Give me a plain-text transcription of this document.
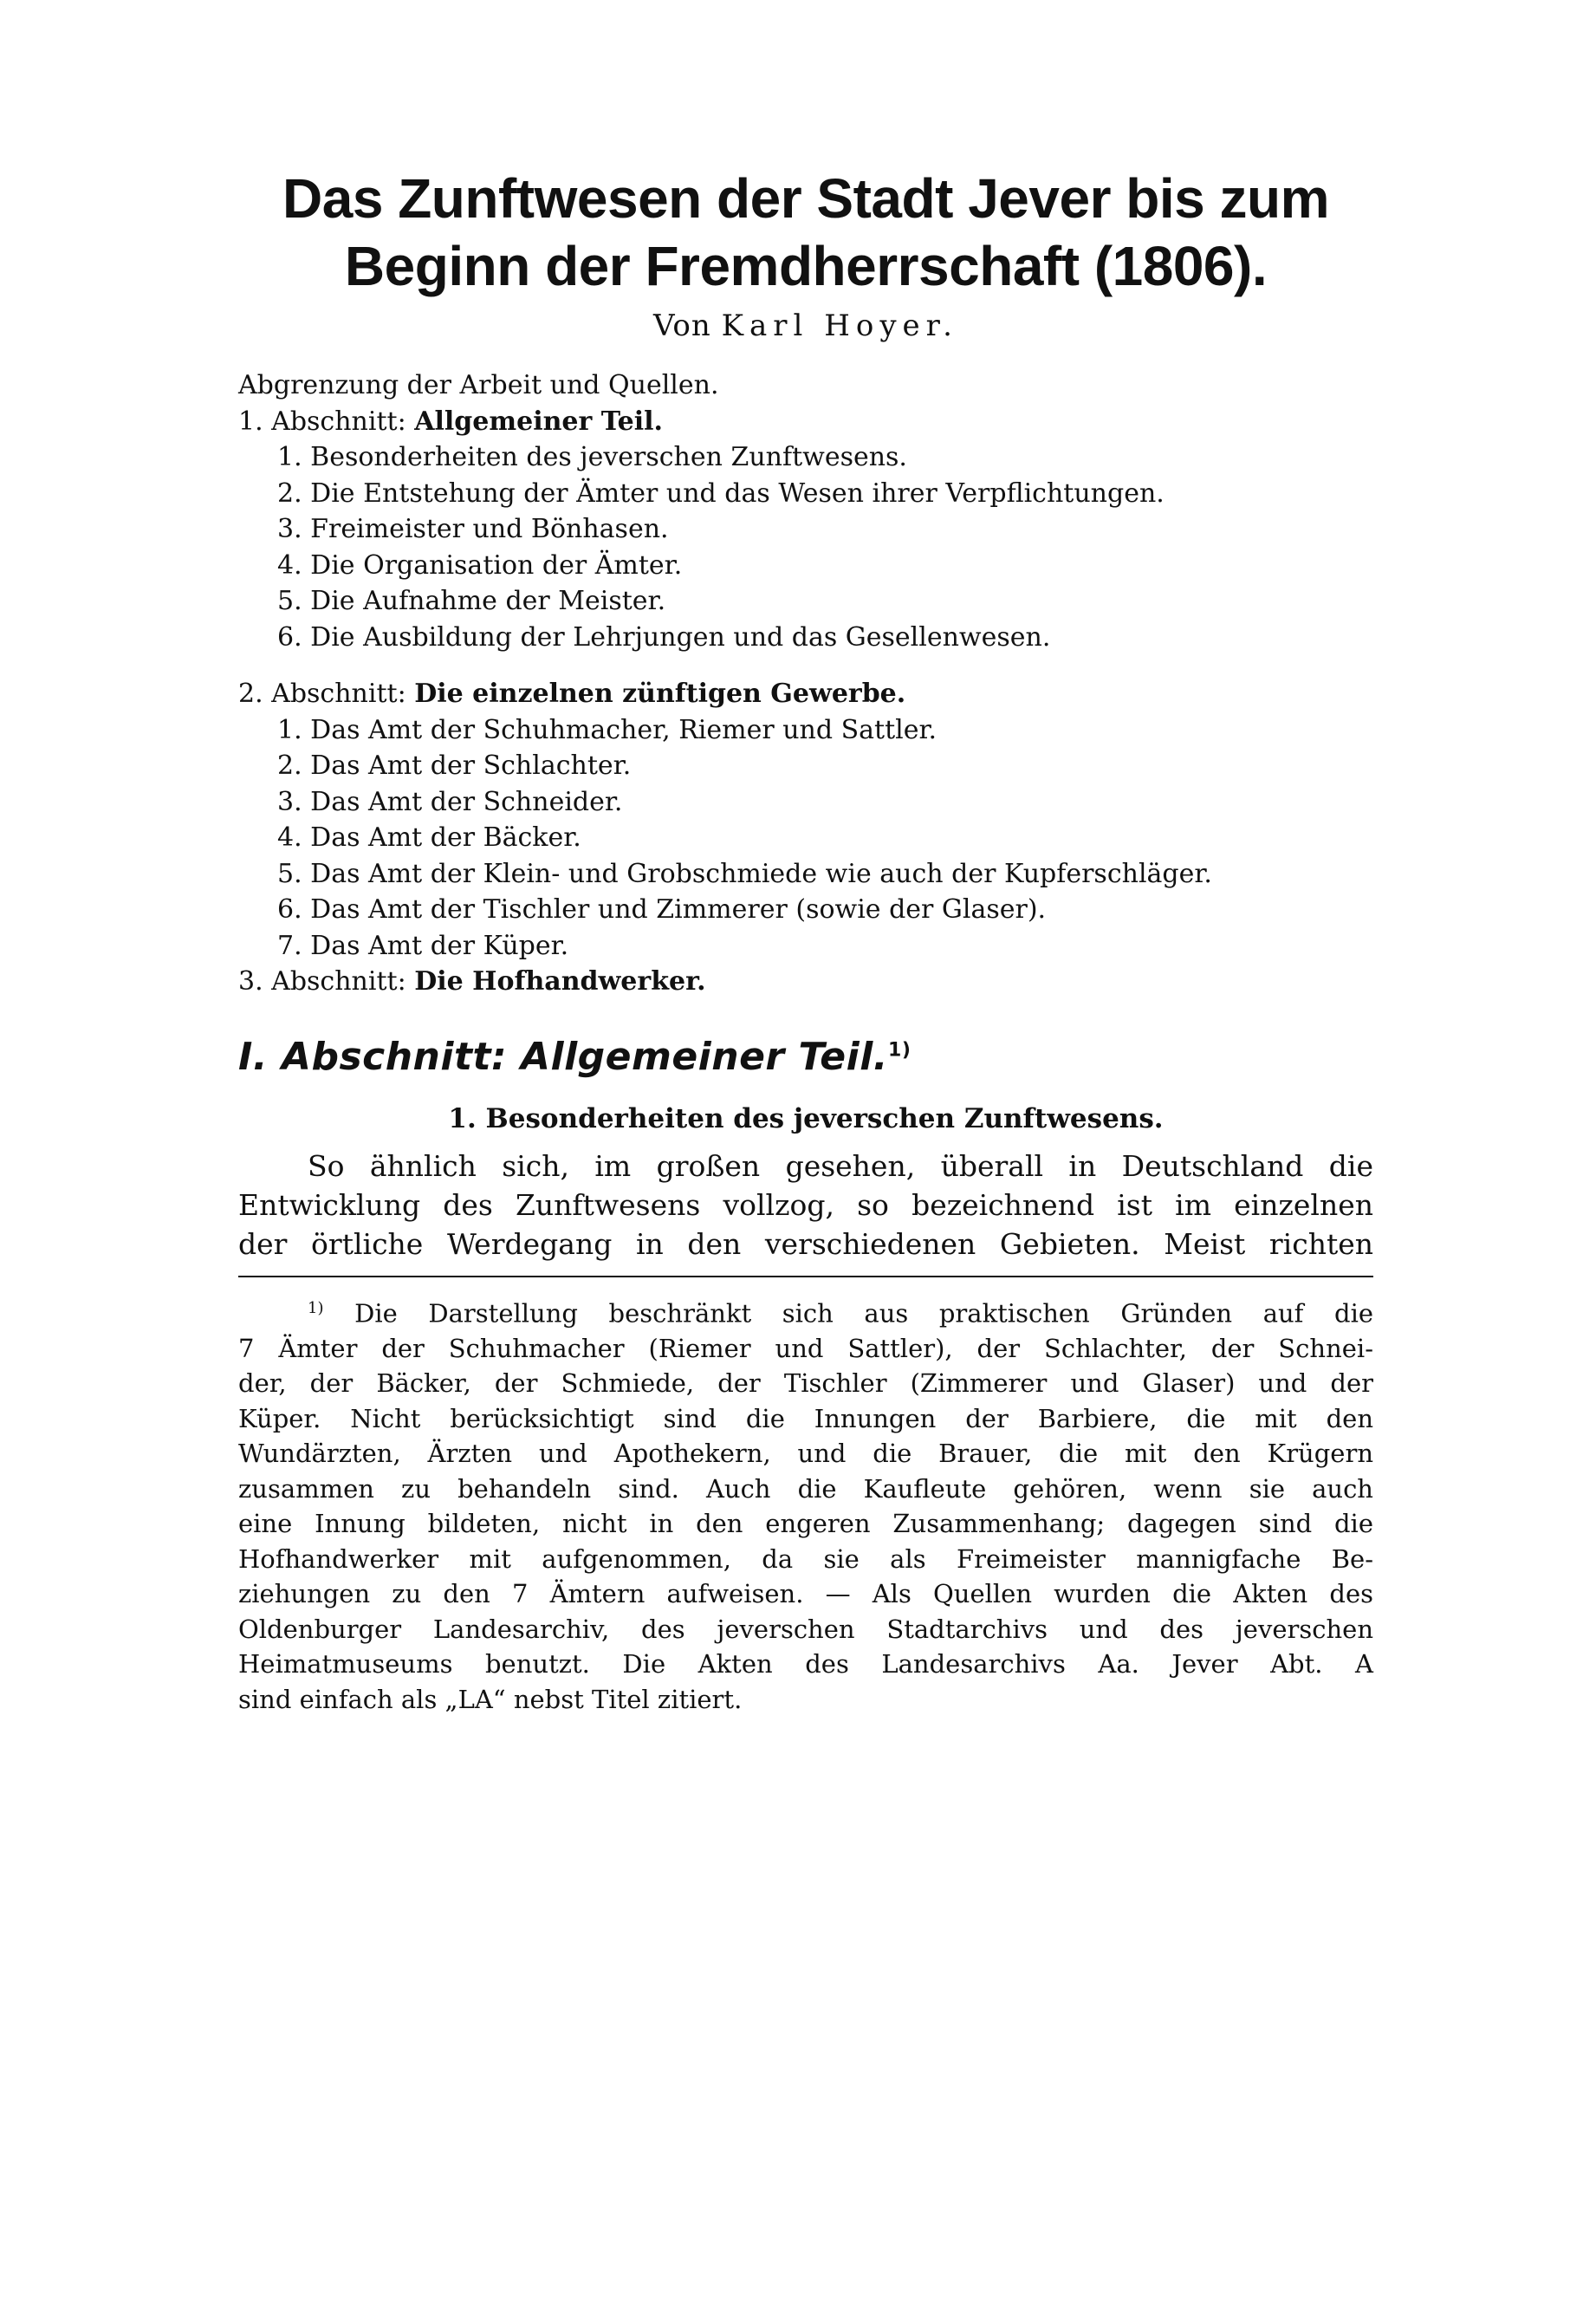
Das Zunftwesen der Stadt Jever bis zum
Beginn der Fremdherrschaft (1806).
Von Karl Hoyer.
Abgrenzung der Arbeit und Quellen.
1. Abschnitt: Allgemeiner Teil.
1. Besonderheiten des jeverschen Zunftwesens.
2. Die Entstehung der Ämter und das Wesen ihrer Verpflichtungen.
3. Freimeister und Bönhasen.
4. Die Organisation der Ämter.
5. Die Aufnahme der Meister.
6. Die Ausbildung der Lehrjungen und das Gesellenwesen.
2. Abschnitt: Die einzelnen zünftigen Gewerbe.
1. Das Amt der Schuhmacher, Riemer und Sattler.
2. Das Amt der Schlachter.
3. Das Amt der Schneider.
4. Das Amt der Bäcker.
5. Das Amt der Klein- und Grobschmiede wie auch der Kupferschläger.
6. Das Amt der Tischler und Zimmerer (sowie der Glaser).
7. Das Amt der Küper.
3. Abschnitt: Die Hofhandwerker.
I. Abschnitt: Allgemeiner Teil.$^{1)}$
1. Besonderheiten des jeverschen Zunftwesens.
So ähnlich sich, im großen gesehen, überall in Deutschland die
Entwicklung des Zunftwesens vollzog, so bezeichnend ist im einzelnen
der örtliche Werdegang in den verschiedenen Gebieten. Meist richten
$^{1)}$ Die Darstellung beschränkt sich aus praktischen Gründen auf die
7 Ämter der Schuhmacher (Riemer und Sattler), der Schlachter, der Schnei-
der, der Bäcker, der Schmiede, der Tischler (Zimmerer und Glaser) und der
Küper. Nicht berücksichtigt sind die Innungen der Barbiere, die mit den
Wundärzten, Ärzten und Apothekern, und die Brauer, die mit den Krügern
zusammen zu behandeln sind. Auch die Kaufleute gehören, wenn sie auch
eine Innung bildeten, nicht in den engeren Zusammenhang; dagegen sind die
Hofhandwerker mit aufgenommen, da sie als Freimeister mannigfache Be-
ziehungen zu den 7 Ämtern aufweisen. — Als Quellen wurden die Akten des
Oldenburger Landesarchiv, des jeverschen Stadtarchivs und des jeverschen
Heimatmuseums benutzt. Die Akten des Landesarchivs Aa. Jever Abt. A
sind einfach als „LA“ nebst Titel zitiert.
